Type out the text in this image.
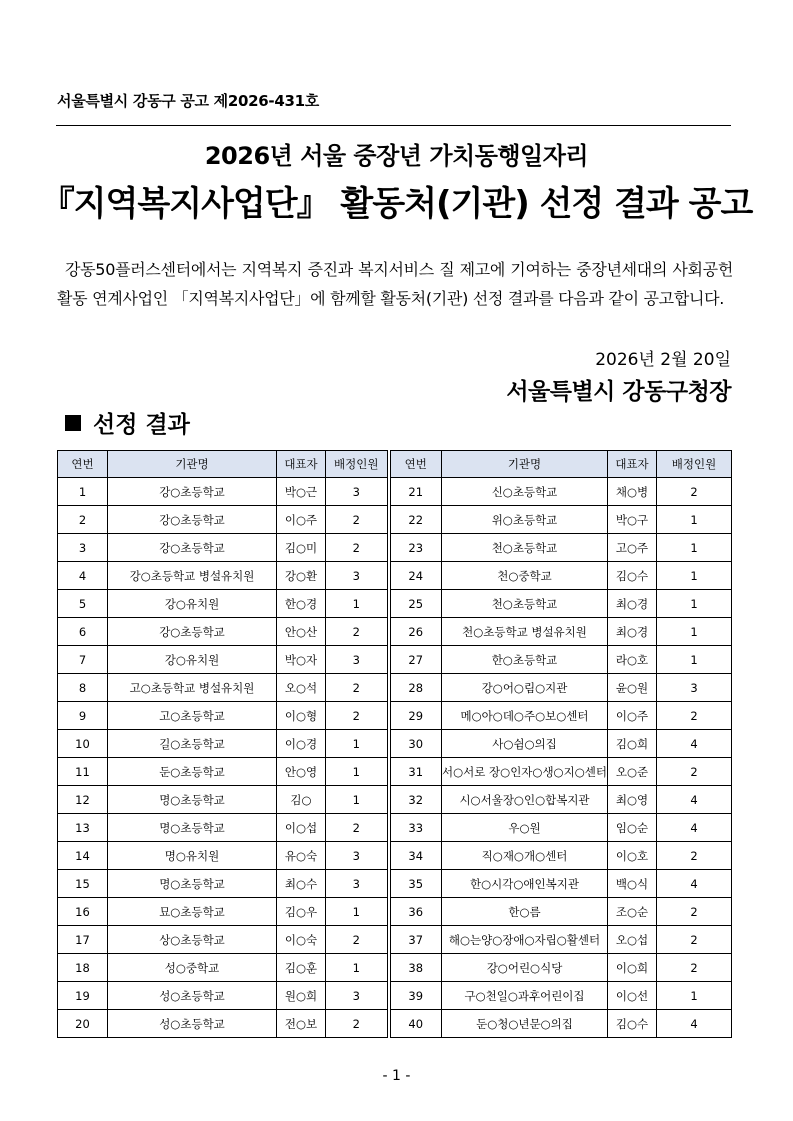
서울특별시 강동구 공고 제2026-431호
2026년 서울 중장년 가치동행일자리
『지역복지사업단』 활동처(기관) 선정 결과 공고
강동50플러스센터에서는 지역복지 증진과 복지서비스 질 제고에 기여하는 중장년세대의 사회공헌활동 연계사업인 「지역복지사업단」에 함께할 활동처(기관) 선정 결과를 다음과 같이 공고합니다.
2026년 2월 20일
서울특별시 강동구청장
선정 결과
연번	기관명	대표자	배정인원	연번	기관명	대표자	배정인원
1	강○초등학교	박○근	3	21	신○초등학교	채○병	2
2	강○초등학교	이○주	2	22	위○초등학교	박○구	1
3	강○초등학교	김○미	2	23	천○초등학교	고○주	1
4	강○초등학교 병설유치원	강○환	3	24	천○중학교	김○수	1
5	강○유치원	한○경	1	25	천○초등학교	최○경	1
6	강○초등학교	안○산	2	26	천○초등학교 병설유치원	최○경	1
7	강○유치원	박○자	3	27	한○초등학교	라○호	1
8	고○초등학교 병설유치원	오○석	2	28	강○어○림○지관	윤○원	3
9	고○초등학교	이○형	2	29	메○아○데○주○보○센터	이○주	2
10	길○초등학교	이○경	1	30	사○쉼○의집	김○희	4
11	둔○초등학교	안○영	1	31	서○서로 장○인자○생○지○센터	오○준	2
12	명○초등학교	김○	1	32	시○서울장○인○합복지관	최○영	4
13	명○초등학교	이○섭	2	33	우○원	임○순	4
14	명○유치원	유○숙	3	34	직○재○개○센터	이○호	2
15	명○초등학교	최○수	3	35	한○시각○애인복지관	백○식	4
16	묘○초등학교	김○우	1	36	한○름	조○순	2
17	상○초등학교	이○숙	2	37	해○는양○장애○자립○활센터	오○섭	2
18	성○중학교	김○훈	1	38	강○어린○식당	이○희	2
19	성○초등학교	원○희	3	39	구○천일○과후어린이집	이○선	1
20	성○초등학교	전○보	2	40	둔○청○년문○의집	김○수	4
- 1 -
